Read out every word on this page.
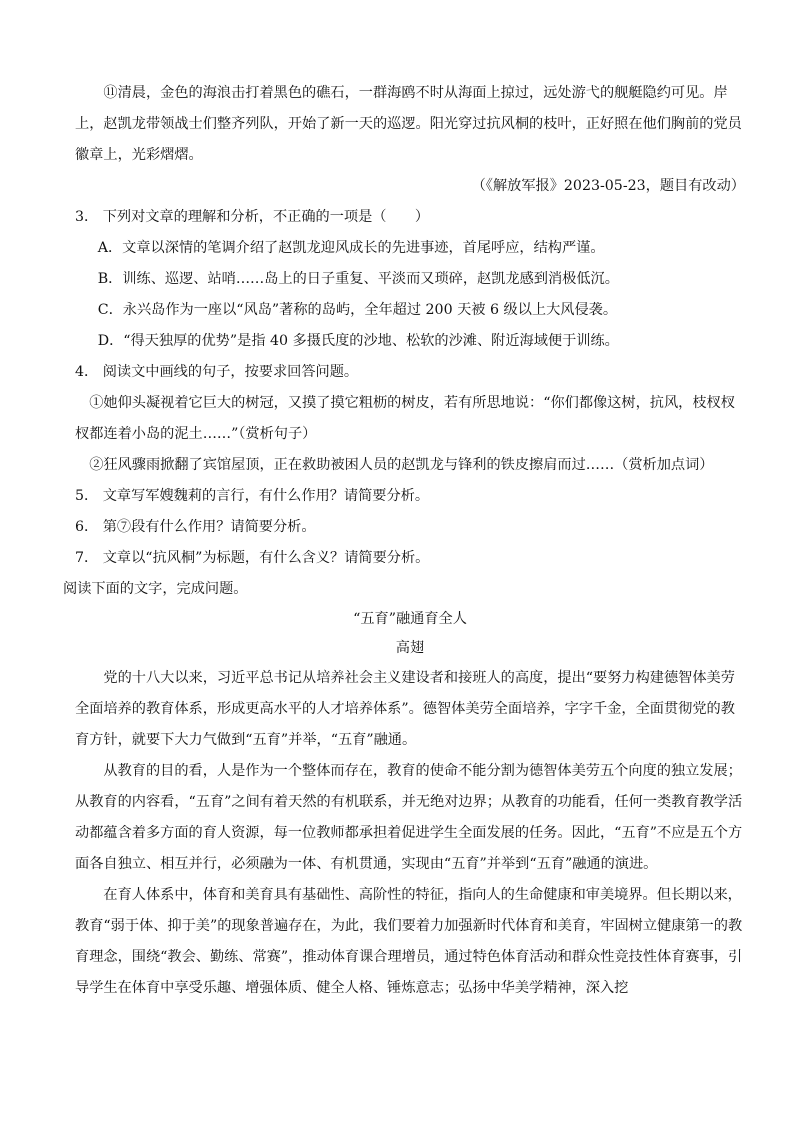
⑪清晨，金色的海浪击打着黑色的礁石，一群海鸥不时从海面上掠过，远处游弋的舰艇隐约可见。岸上，赵凯龙带领战士们整齐列队，开始了新一天的巡逻。阳光穿过抗风桐的枝叶，正好照在他们胸前的党员徽章上，光彩熠熠。

（《解放军报》2023-05-23，题目有改动）

3． 下列对文章的理解和分析，不正确的一项是（　　）

A．文章以深情的笔调介绍了赵凯龙迎风成长的先进事迹，首尾呼应，结构严谨。

B．训练、巡逻、站哨……岛上的日子重复、平淡而又琐碎，赵凯龙感到消极低沉。

C．永兴岛作为一座以“风岛”著称的岛屿，全年超过 200 天被 6 级以上大风侵袭。

D．“得天独厚的优势”是指 40 多摄氏度的沙地、松软的沙滩、附近海域便于训练。

4． 阅读文中画线的句子，按要求回答问题。

①她仰头凝视着它巨大的树冠，又摸了摸它粗枥的树皮，若有所思地说：“你们都像这树，抗风，枝杈杈杈都连着小岛的泥土……”（赏析句子）

②狂风骤雨掀翻了宾馆屋顶，正在救助被困人员的赵凯龙与锋利的铁皮擦肩而过……（赏析加点词）

5． 文章写军嫂魏莉的言行，有什么作用？请简要分析。

6． 第⑦段有什么作用？请简要分析。

7． 文章以“抗风桐”为标题，有什么含义？请简要分析。

阅读下面的文字，完成问题。

“五育”融通育全人

高翅

党的十八大以来，习近平总书记从培养社会主义建设者和接班人的高度，提出“要努力构建德智体美劳全面培养的教育体系，形成更高水平的人才培养体系”。德智体美劳全面培养，字字千金，全面贯彻党的教育方针，就要下大力气做到“五育”并举，“五育”融通。

从教育的目的看，人是作为一个整体而存在，教育的使命不能分割为德智体美劳五个向度的独立发展；从教育的内容看，“五育”之间有着天然的有机联系，并无绝对边界；从教育的功能看，任何一类教育教学活动都蕴含着多方面的育人资源，每一位教师都承担着促进学生全面发展的任务。因此，“五育”不应是五个方面各自独立、相互并行，必须融为一体、有机贯通，实现由“五育”并举到“五育”融通的演进。

在育人体系中，体育和美育具有基础性、高阶性的特征，指向人的生命健康和审美境界。但长期以来，教育“弱于体、抑于美”的现象普遍存在，为此，我们要着力加强新时代体育和美育，牢固树立健康第一的教育理念，围绕“教会、勤练、常赛”，推动体育课合理增员，通过特色体育活动和群众性竞技性体育赛事，引导学生在体育中享受乐趣、增强体质、健全人格、锤炼意志；弘扬中华美学精神，深入挖
